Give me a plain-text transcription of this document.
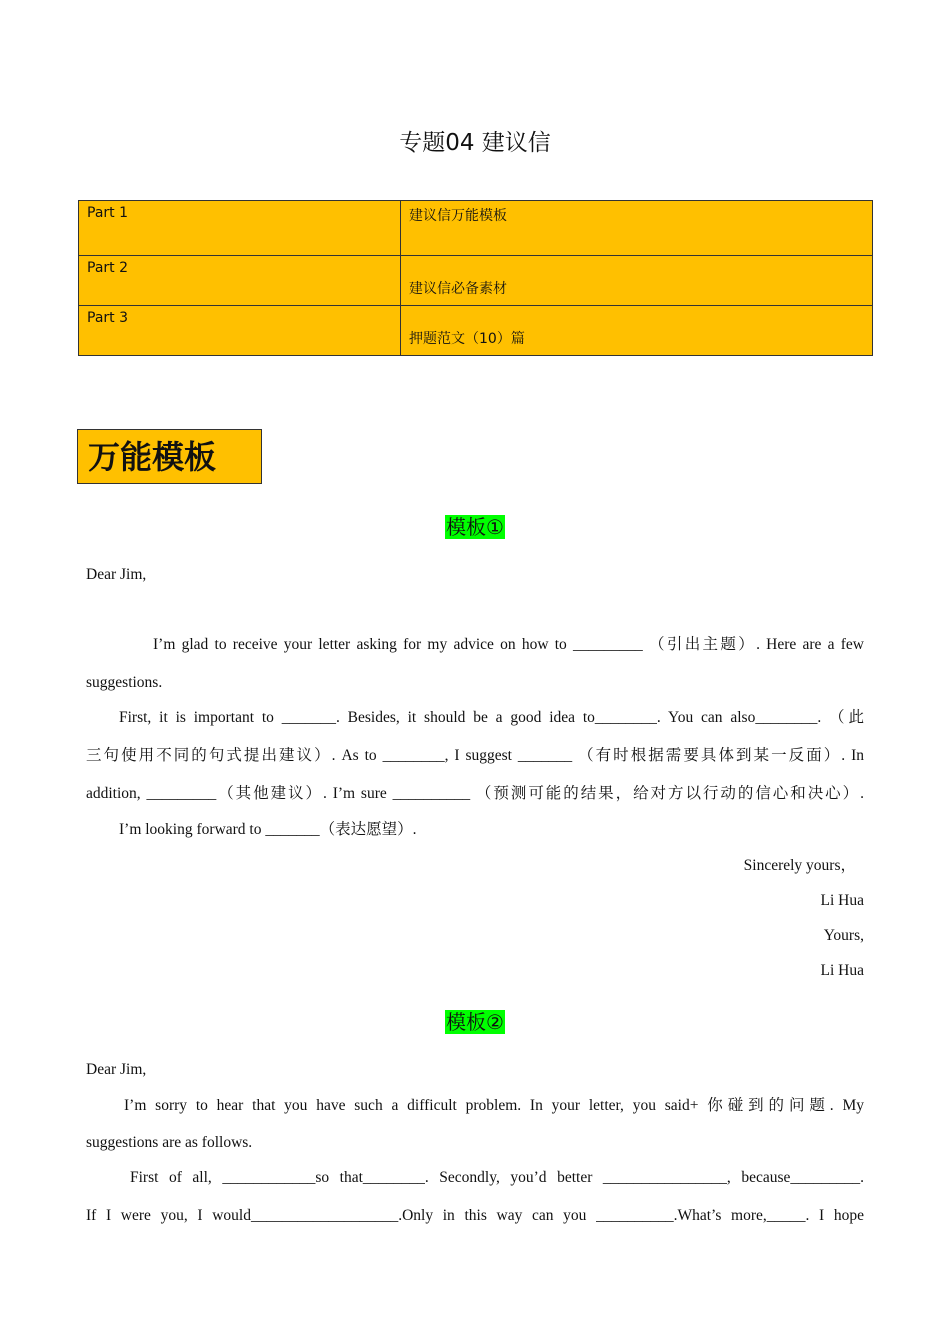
专题04 建议信
Part 1	建议信万能模板
Part 2	建议信必备素材

Part 3	押题范文（10）篇
万能模板
模板①
Dear Jim,
I’m glad to receive your letter asking for my advice on how to _________ （引出主题）. Here are a few
suggestions.
First, it is important to _______. Besides, it should be a good idea to________. You can also________. （此
三句使用不同的句式提出建议）. As to ________, I suggest _______ （有时根据需要具体到某一反面）. In
addition, _________（其他建议）. I’m sure __________ （预测可能的结果，给对方以行动的信心和决心）.
I’m looking forward to _______（表达愿望）.
Sincerely yours，
Li Hua
Yours,
Li Hua
模板②
Dear Jim,
I’m sorry to hear that you have such a difficult problem. In your letter, you said+ 你碰到的问题. My
suggestions are as follows.
First of all, ____________so that________. Secondly, you’d better ________________, because_________.
If I were you, I would___________________.Only in this way can you __________.What’s more,_____. I hope
